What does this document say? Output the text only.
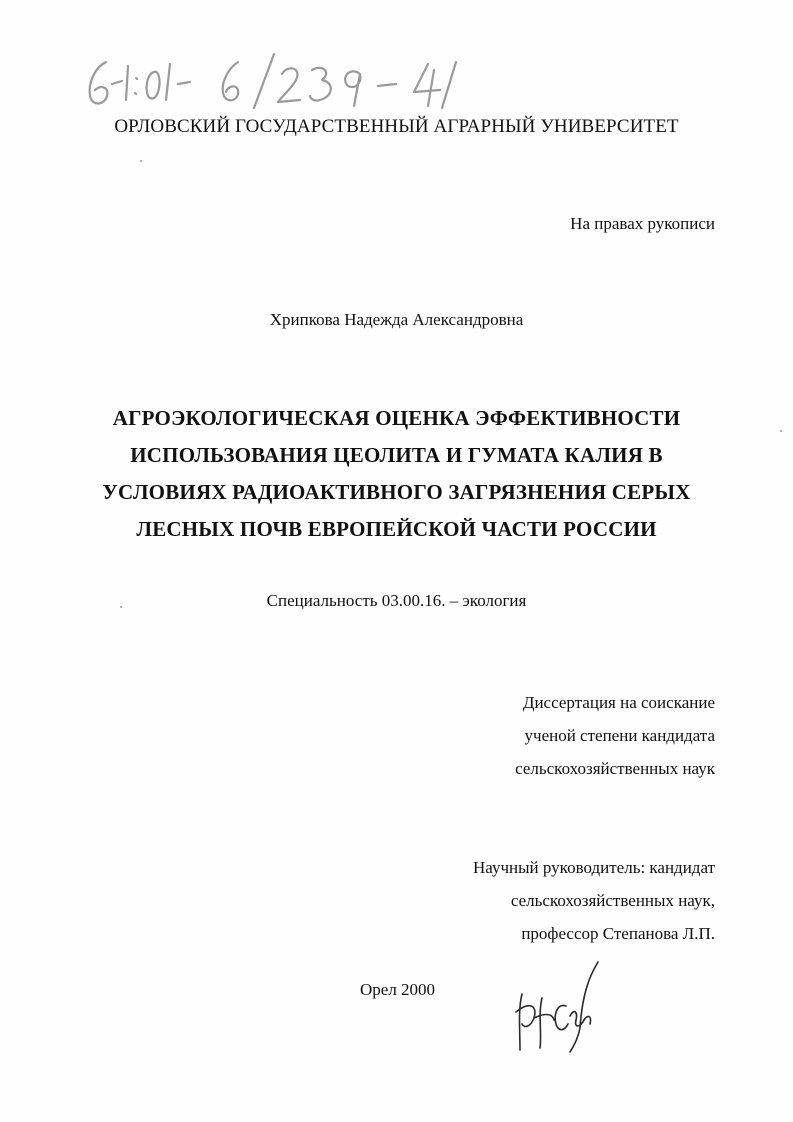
ОРЛОВСКИЙ ГОСУДАРСТВЕННЫЙ АГРАРНЫЙ УНИВЕРСИТЕТ
На правах рукописи
Хрипкова Надежда Александровна
АГРОЭКОЛОГИЧЕСКАЯ ОЦЕНКА ЭФФЕКТИВНОСТИ
ИСПОЛЬЗОВАНИЯ ЦЕОЛИТА И ГУМАТА КАЛИЯ В
УСЛОВИЯХ РАДИОАКТИВНОГО ЗАГРЯЗНЕНИЯ СЕРЫХ
ЛЕСНЫХ ПОЧВ ЕВРОПЕЙСКОЙ ЧАСТИ РОССИИ
Специальность 03.00.16. – экология
Диссертация на соискание
ученой степени кандидата
сельскохозяйственных наук
Научный руководитель: кандидат
сельскохозяйственных наук,
профессор Степанова Л.П.
Орел 2000
